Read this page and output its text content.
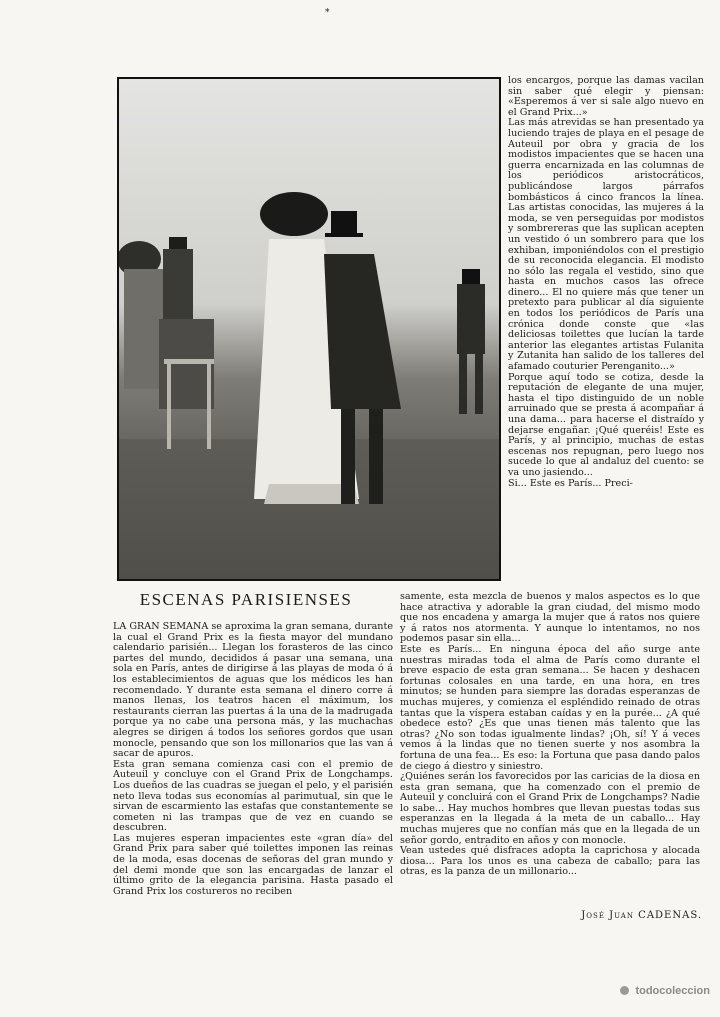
*

los encargos, porque las damas vacilan sin saber qué elegir y piensan: «Esperemos á ver si sale algo nuevo en el Grand Prix...»

Las más atrevidas se han presentado ya luciendo trajes de playa en el pesage de Auteuil por obra y gracia de los modistos impacientes que se hacen una guerra encarnizada en las columnas de los periódicos aristocráticos, publicándose largos párrafos bombásticos á cinco francos la línea. Las artistas conocidas, las mujeres á la moda, se ven perseguidas por modistos y sombrereras que las suplican acepten un vestido ó un sombrero para que los exhiban, imponiéndolos con el prestigio de su reconocida elegancia. El modisto no sólo las regala el vestido, sino que hasta en muchos casos las ofrece dinero... El no quiere más que tener un pretexto para publicar al día siguiente en todos los periódicos de París una crónica donde conste que «las deliciosas toilettes que lucían la tarde anterior las elegantes artistas Fulanita y Zutanita han salido de los talleres del afamado couturier Perenganito...»

Porque aquí todo se cotiza, desde la reputación de elegante de una mujer, hasta el tipo distinguido de un noble arruinado que se presta á acompañar á una dama... para hacerse el distraído y dejarse engañar. ¡Qué queréis! Este es París, y al principio, muchas de estas escenas nos repugnan, pero luego nos sucede lo que al andaluz del cuento: se va uno jasiendo...

Si... Este es París... Preci-

ESCENAS PARISIENSES

LA GRAN SEMANA se aproxima la gran semana, durante la cual el Grand Prix es la fiesta mayor del mundano calendario parisién... Llegan los forasteros de las cinco partes del mundo, decididos á pasar una semana, una sola en París, antes de dirigirse á las playas de moda ó á los establecimientos de aguas que los médicos les han recomendado. Y durante esta semana el dinero corre á manos llenas, los teatros hacen el máximum, los restaurants cierran las puertas á la una de la madrugada porque ya no cabe una persona más, y las muchachas alegres se dirigen á todos los señores gordos que usan monocle, pensando que son los millonarios que las van á sacar de apuros.

Esta gran semana comienza casi con el premio de Auteuil y concluye con el Grand Prix de Longchamps. Los dueños de las cuadras se juegan el pelo, y el parisién neto lleva todas sus economías al parimutual, sin que le sirvan de escarmiento las estafas que constantemente se cometen ni las trampas que de vez en cuando se descubren.

Las mujeres esperan impacientes este «gran día» del Grand Prix para saber qué toilettes imponen las reinas de la moda, esas docenas de señoras del gran mundo y del demi monde que son las encargadas de lanzar el último grito de la elegancia parisina. Hasta pasado el Grand Prix los costureros no reciben

samente, esta mezcla de buenos y malos aspectos es lo que hace atractiva y adorable la gran ciudad, del mismo modo que nos encadena y amarga la mujer que á ratos nos quiere y á ratos nos atormenta. Y aunque lo intentamos, no nos podemos pasar sin ella...

Este es París... En ninguna época del año surge ante nuestras miradas toda el alma de París como durante el breve espacio de esta gran semana... Se hacen y deshacen fortunas colosales en una tarde, en una hora, en tres minutos; se hunden para siempre las doradas esperanzas de muchas mujeres, y comienza el espléndido reinado de otras tantas que la víspera estaban caídas y en la purée... ¿A qué obedece esto? ¿Es que unas tienen más talento que las otras? ¿No son todas igualmente lindas? ¡Oh, sí! Y á veces vemos á la lindas que no tienen suerte y nos asombra la fortuna de una fea... Es eso: la Fortuna que pasa dando palos de ciego á diestro y siniestro.

¿Quiénes serán los favorecidos por las caricias de la diosa en esta gran semana, que ha comenzado con el premio de Auteuil y concluirá con el Grand Prix de Longchamps? Nadie lo sabe... Hay muchos hombres que llevan puestas todas sus esperanzas en la llegada á la meta de un caballo... Hay muchas mujeres que no confían más que en la llegada de un señor gordo, entradito en años y con monocle.

Vean ustedes qué disfraces adopta la caprichosa y alocada diosa... Para los unos es una cabeza de caballo; para las otras, es la panza de un millonario...

José Juan CADENAS.
todocoleccion
